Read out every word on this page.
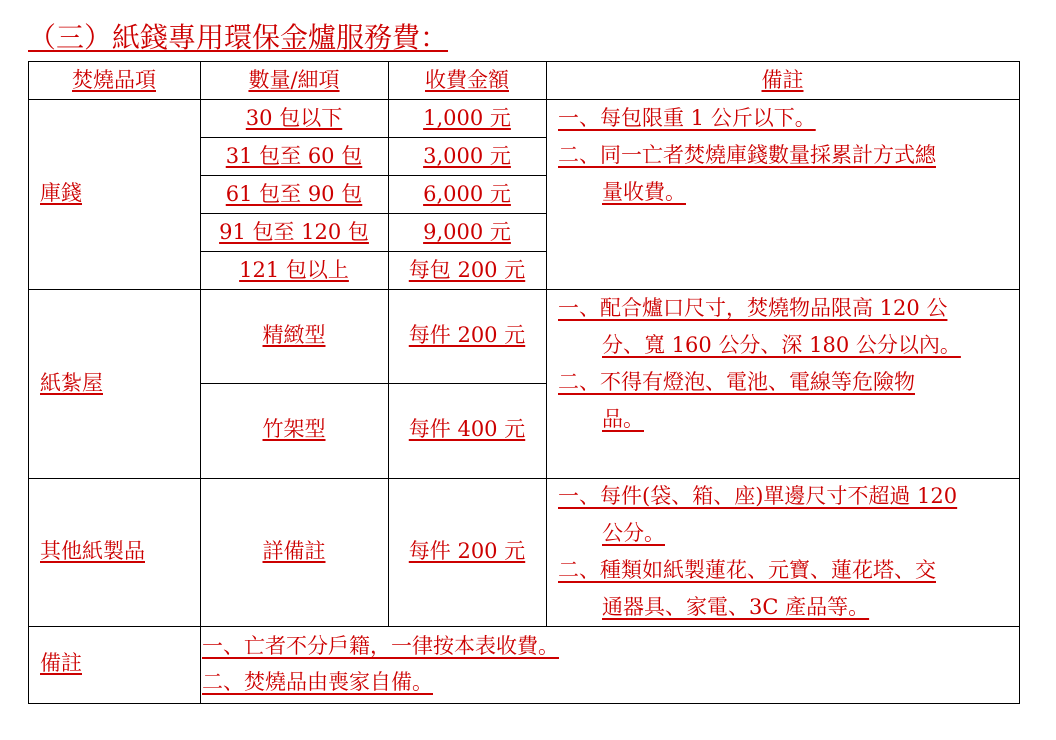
（三）紙錢專用環保金爐服務費：
焚燒品項	數量/細項	收費金額	備註
庫錢
30 包以下	1,000 元
31 包至 60 包	3,000 元
61 包至 90 包	6,000 元
91 包至 120 包	9,000 元
121 包以上	每包 200 元
一、每包限重 1 公斤以下。
二、同一亡者焚燒庫錢數量採累計方式總
量收費。
紙紮屋
精緻型	每件 200 元
竹架型	每件 400 元
一、配合爐口尺寸，焚燒物品限高 120 公
分、寬 160 公分、深 180 公分以內。
二、不得有燈泡、電池、電線等危險物
品。
其他紙製品	詳備註	每件 200 元
一、每件(袋、箱、座)單邊尺寸不超過 120
公分。
二、種類如紙製蓮花、元寶、蓮花塔、交
通器具、家電、3C 產品等。
備註
一、亡者不分戶籍，一律按本表收費。
二、焚燒品由喪家自備。
